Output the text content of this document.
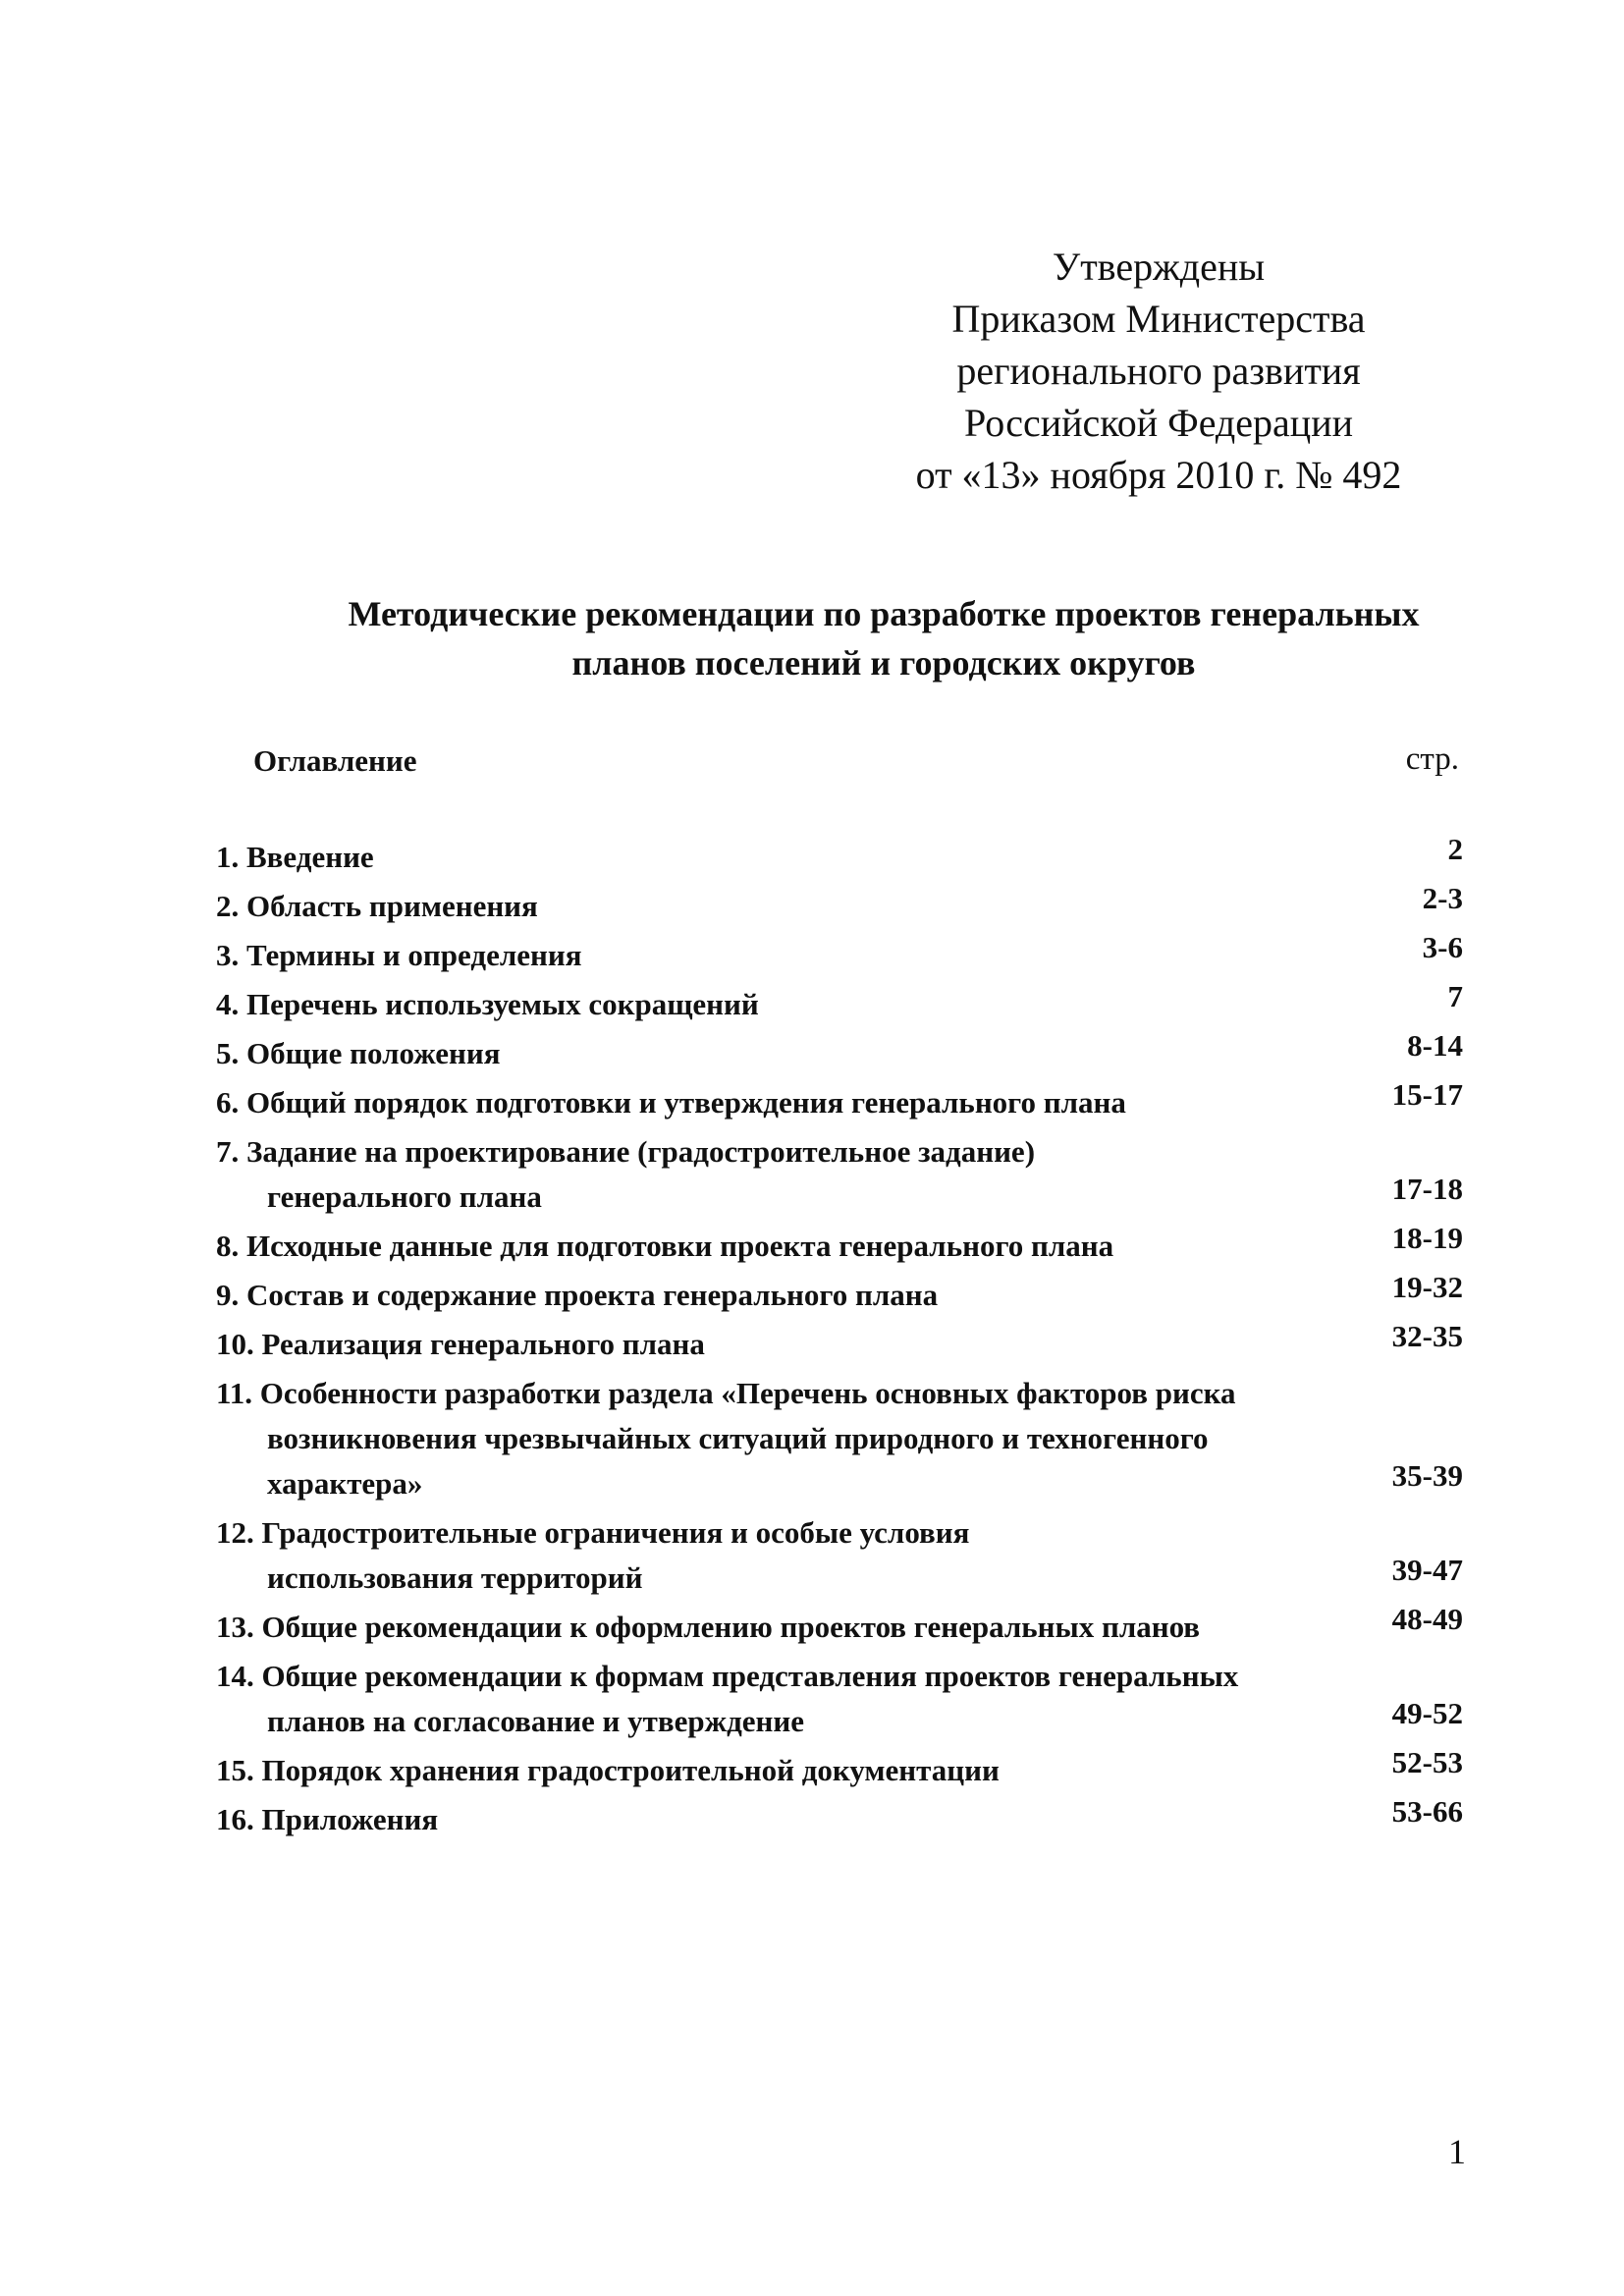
Утверждены
Приказом Министерства
регионального развития
Российской Федерации
от «13» ноября 2010 г. № 492
Методические рекомендации по разработке проектов генеральных
планов поселений и городских округов
Оглавление	стр.
1. Введение	2
2. Область применения	2-3
3. Термины и определения	3-6
4. Перечень используемых сокращений	7
5. Общие положения	8-14
6. Общий порядок подготовки и утверждения генерального плана	15-17
7. Задание на проектирование (градостроительное задание)
генерального плана	17-18
8. Исходные данные для подготовки проекта генерального плана	18-19
9. Состав и содержание проекта генерального плана	19-32
10. Реализация генерального плана	32-35
11. Особенности разработки раздела «Перечень основных факторов риска
возникновения чрезвычайных ситуаций природного и техногенного
характера»	35-39
12. Градостроительные ограничения и особые условия
использования территорий	39-47
13. Общие рекомендации к оформлению проектов генеральных планов	48-49
14. Общие рекомендации к формам представления проектов генеральных
планов на согласование и утверждение	49-52
15. Порядок хранения градостроительной документации	52-53
16. Приложения	53-66
1
